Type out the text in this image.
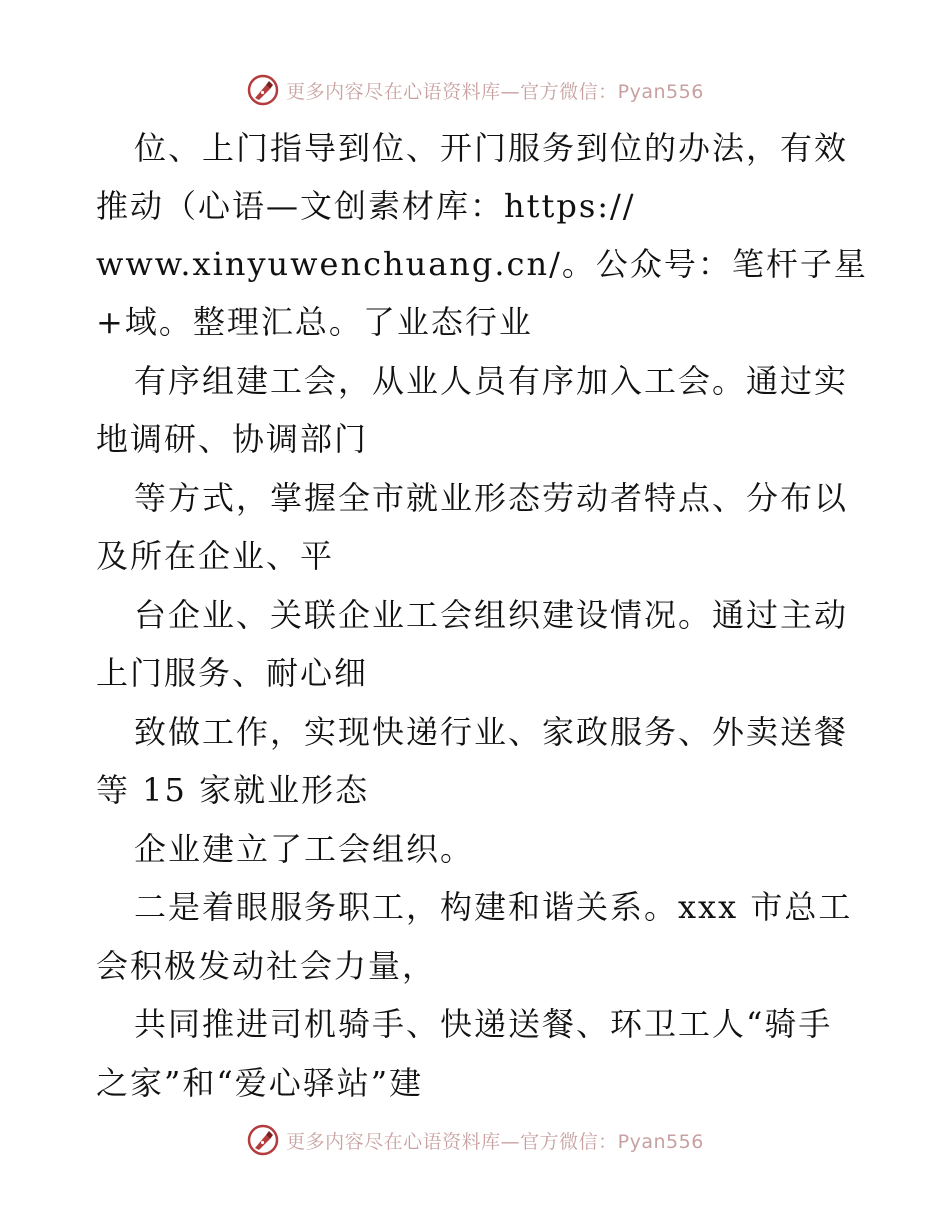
更多内容尽在心语资料库—官方微信：Pyan556
位、上门指导到位、开门服务到位的办法，有效
推动（心语—文创素材库：https://
www.xinyuwenchuang.cn/。公众号：笔杆子星
+域。整理汇总。了业态行业
有序组建工会，从业人员有序加入工会。通过实
地调研、协调部门
等方式，掌握全市就业形态劳动者特点、分布以
及所在企业、平
台企业、关联企业工会组织建设情况。通过主动
上门服务、耐心细
致做工作，实现快递行业、家政服务、外卖送餐
等 15 家就业形态
企业建立了工会组织。
二是着眼服务职工，构建和谐关系。xxx 市总工
会积极发动社会力量，
共同推进司机骑手、快递送餐、环卫工人“骑手
之家”和“爱心驿站”建
更多内容尽在心语资料库—官方微信：Pyan556
